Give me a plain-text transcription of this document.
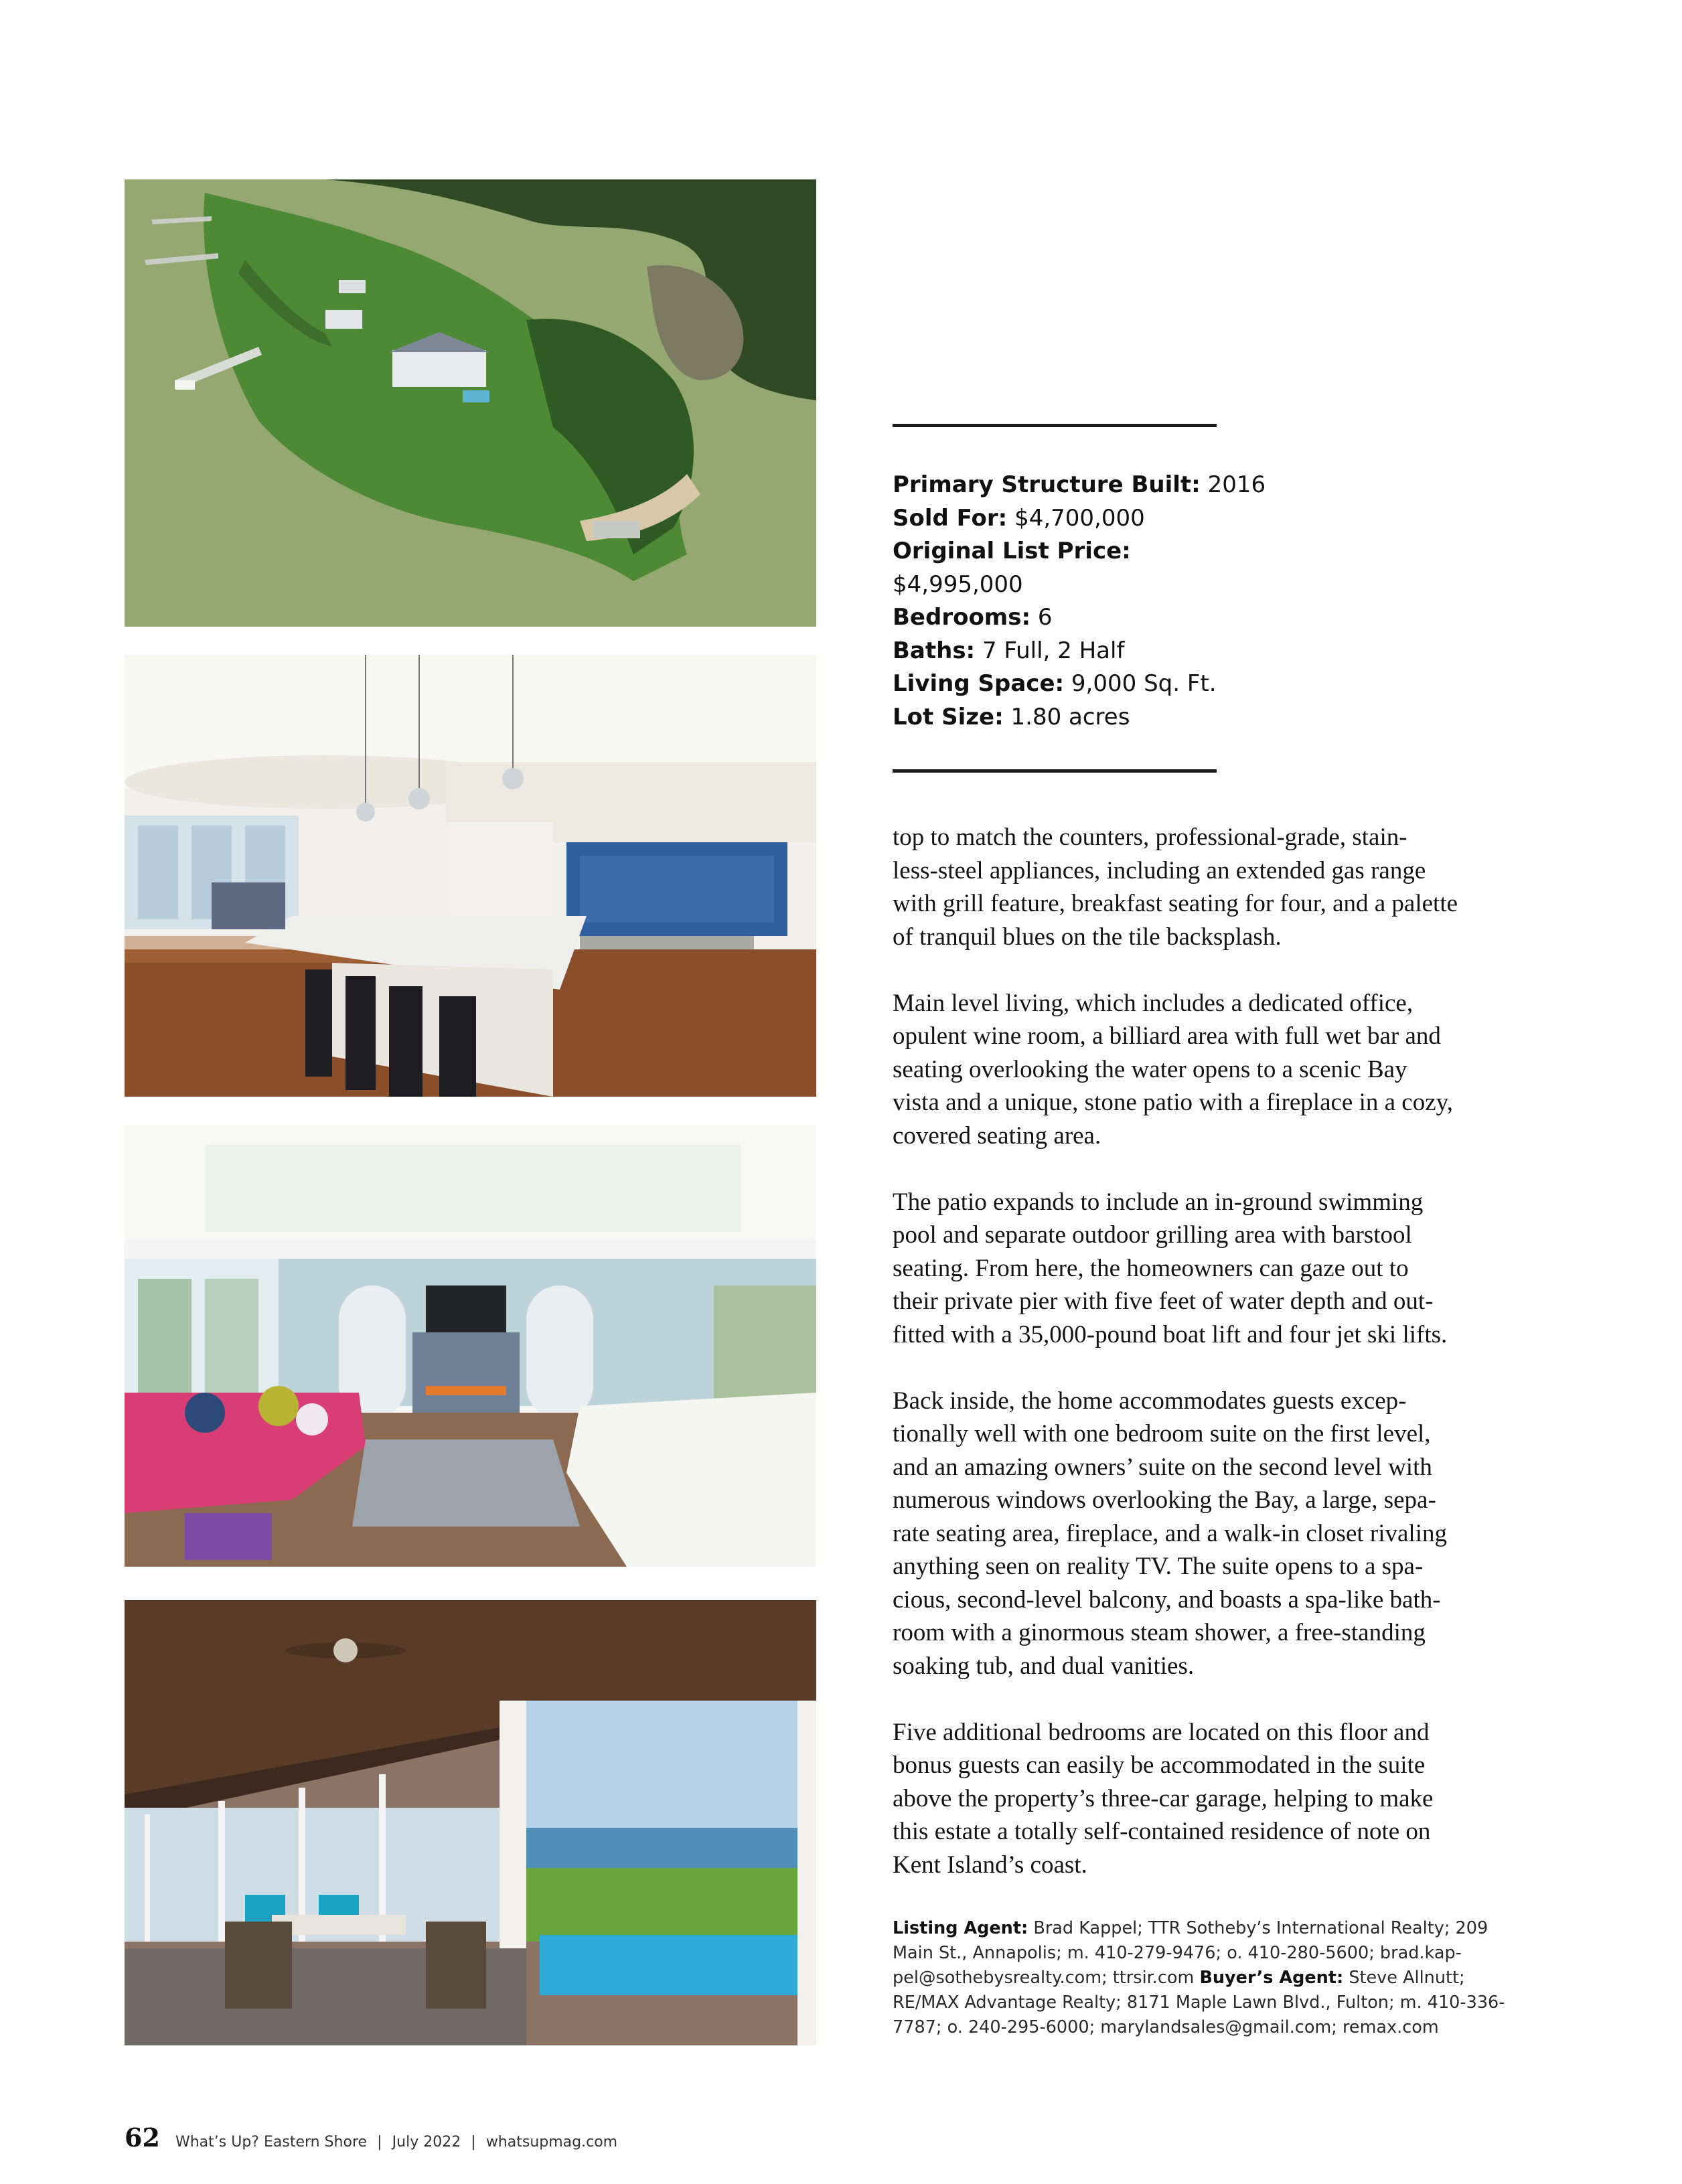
Primary Structure Built: 2016
Sold For: $4,700,000
Original List Price:
$4,995,000
Bedrooms: 6
Baths: 7 Full, 2 Half
Living Space: 9,000 Sq. Ft.
Lot Size: 1.80 acres

top to match the counters, professional-grade, stain-
less-steel appliances, including an extended gas range
with grill feature, breakfast seating for four, and a palette
of tranquil blues on the tile backsplash.

Main level living, which includes a dedicated office,
opulent wine room, a billiard area with full wet bar and
seating overlooking the water opens to a scenic Bay
vista and a unique, stone patio with a fireplace in a cozy,
covered seating area.

The patio expands to include an in-ground swimming
pool and separate outdoor grilling area with barstool
seating. From here, the homeowners can gaze out to
their private pier with five feet of water depth and out-
fitted with a 35,000-pound boat lift and four jet ski lifts.

Back inside, the home accommodates guests excep-
tionally well with one bedroom suite on the first level,
and an amazing owners’ suite on the second level with
numerous windows overlooking the Bay, a large, sepa-
rate seating area, fireplace, and a walk-in closet rivaling
anything seen on reality TV. The suite opens to a spa-
cious, second-level balcony, and boasts a spa-like bath-
room with a ginormous steam shower, a free-standing
soaking tub, and dual vanities.

Five additional bedrooms are located on this floor and
bonus guests can easily be accommodated in the suite
above the property’s three-car garage, helping to make
this estate a totally self-contained residence of note on
Kent Island’s coast.

Listing Agent: Brad Kappel; TTR Sotheby’s International Realty; 209 Main St., Annapolis; m. 410-279-9476; o. 410-280-5600; brad.kap-pel@sothebysrealty.com; ttrsir.com Buyer’s Agent: Steve Allnutt; RE/MAX Advantage Realty; 8171 Maple Lawn Blvd., Fulton; m. 410-336-7787; o. 240-295-6000; marylandsales@gmail.com; remax.com
62 What’s Up? Eastern Shore | July 2022 | whatsupmag.com
